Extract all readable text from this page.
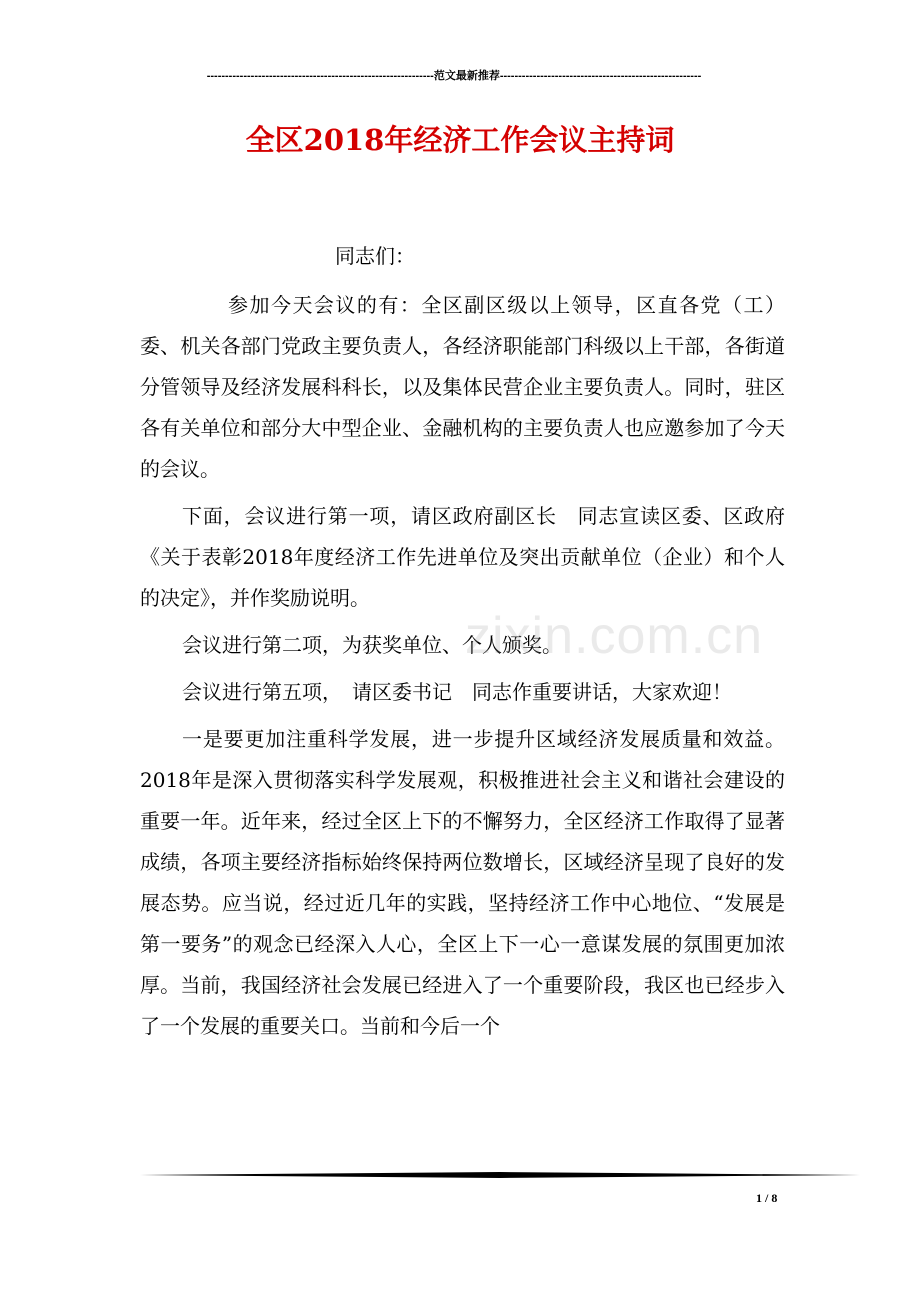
--------------------------------------------------------------范文最新推荐-------------------------------------------------------
全区2018年经济工作会议主持词

同志们：

参加今天会议的有：全区副区级以上领导，区直各党（工）委、机关各部门党政主要负责人，各经济职能部门科级以上干部，各街道分管领导及经济发展科科长，以及集体民营企业主要负责人。同时，驻区各有关单位和部分大中型企业、金融机构的主要负责人也应邀参加了今天的会议。

下面，会议进行第一项，请区政府副区长　同志宣读区委、区政府《关于表彰2018年度经济工作先进单位及突出贡献单位（企业）和个人的决定》，并作奖励说明。

会议进行第二项，为获奖单位、个人颁奖。

会议进行第五项，　请区委书记　同志作重要讲话，大家欢迎！

一是要更加注重科学发展，进一步提升区域经济发展质量和效益。2018年是深入贯彻落实科学发展观，积极推进社会主义和谐社会建设的重要一年。近年来，经过全区上下的不懈努力，全区经济工作取得了显著成绩，各项主要经济指标始终保持两位数增长，区域经济呈现了良好的发展态势。应当说，经过近几年的实践，坚持经济工作中心地位、“发展是第一要务”的观念已经深入人心，全区上下一心一意谋发展的氛围更加浓厚。当前，我国经济社会发展已经进入了一个重要阶段，我区也已经步入了一个发展的重要关口。当前和今后一个

zixin.com.cn
1 / 8
